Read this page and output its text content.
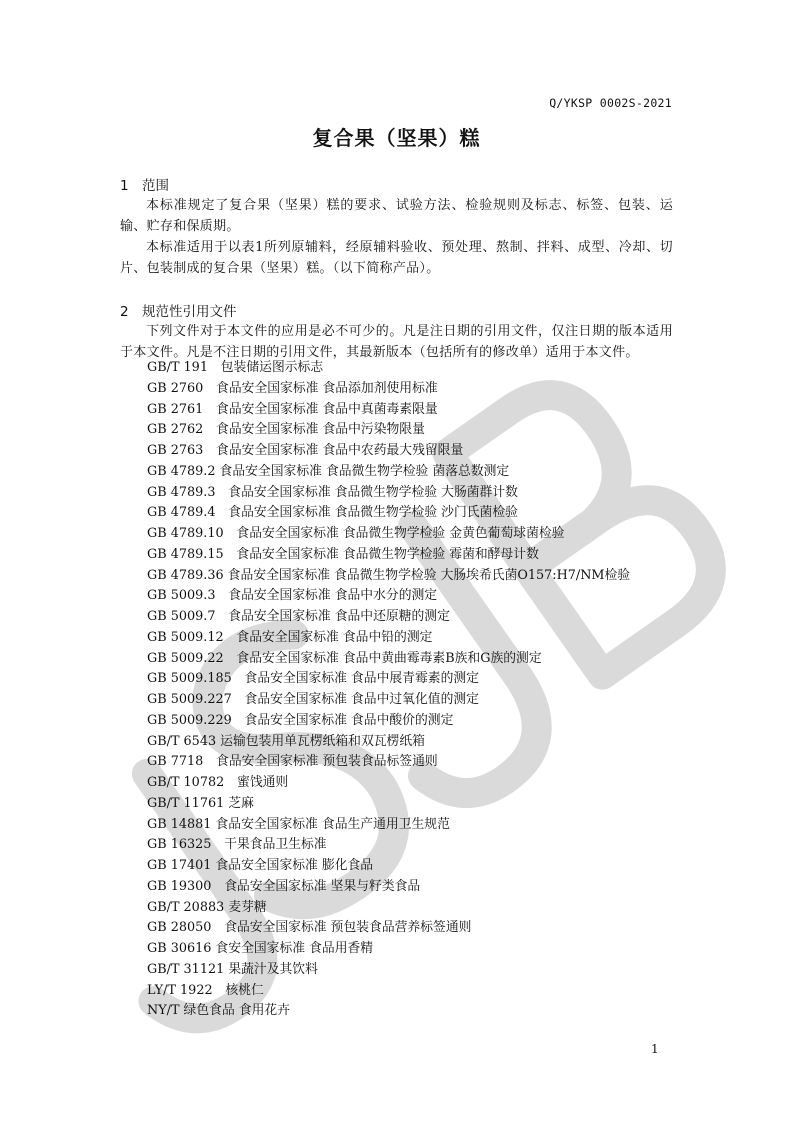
Q/YKSP 0002S-2021
复合果（坚果）糕
1 范围

本标准规定了复合果（坚果）糕的要求、试验方法、检验规则及标志、标签、包装、运输、贮存和保质期。

本标准适用于以表1所列原辅料，经原辅料验收、预处理、熬制、拌料、成型、冷却、切片、包装制成的复合果（坚果）糕。（以下简称产品）。

2 规范性引用文件

下列文件对于本文件的应用是必不可少的。凡是注日期的引用文件，仅注日期的版本适用于本文件。凡是不注日期的引用文件，其最新版本（包括所有的修改单）适用于本文件。

GB/T 191　包装储运图示标志
GB 2760　食品安全国家标准 食品添加剂使用标准
GB 2761　食品安全国家标准 食品中真菌毒素限量
GB 2762　食品安全国家标准 食品中污染物限量
GB 2763　食品安全国家标准 食品中农药最大残留限量
GB 4789.2 食品安全国家标准 食品微生物学检验 菌落总数测定
GB 4789.3　食品安全国家标准 食品微生物学检验 大肠菌群计数
GB 4789.4　食品安全国家标准 食品微生物学检验 沙门氏菌检验
GB 4789.10　食品安全国家标准 食品微生物学检验 金黄色葡萄球菌检验
GB 4789.15　食品安全国家标准 食品微生物学检验 霉菌和酵母计数
GB 4789.36 食品安全国家标准 食品微生物学检验 大肠埃希氏菌O157:H7/NM检验
GB 5009.3　食品安全国家标准 食品中水分的测定
GB 5009.7　食品安全国家标准 食品中还原糖的测定
GB 5009.12　食品安全国家标准 食品中铅的测定
GB 5009.22　食品安全国家标准 食品中黄曲霉毒素B族和G族的测定
GB 5009.185　食品安全国家标准 食品中展青霉素的测定
GB 5009.227　食品安全国家标准 食品中过氧化值的测定
GB 5009.229　食品安全国家标准 食品中酸价的测定
GB/T 6543 运输包装用单瓦楞纸箱和双瓦楞纸箱
GB 7718　食品安全国家标准 预包装食品标签通则
GB/T 10782　蜜饯通则
GB/T 11761 芝麻
GB 14881 食品安全国家标准 食品生产通用卫生规范
GB 16325　干果食品卫生标准
GB 17401 食品安全国家标准 膨化食品
GB 19300　食品安全国家标准 坚果与籽类食品
GB/T 20883 麦芽糖
GB 28050　食品安全国家标准 预包装食品营养标签通则
GB 30616 食安全国家标准 食品用香精
GB/T 31121 果蔬汁及其饮料
LY/T 1922　核桃仁
NY/T 绿色食品 食用花卉
1
